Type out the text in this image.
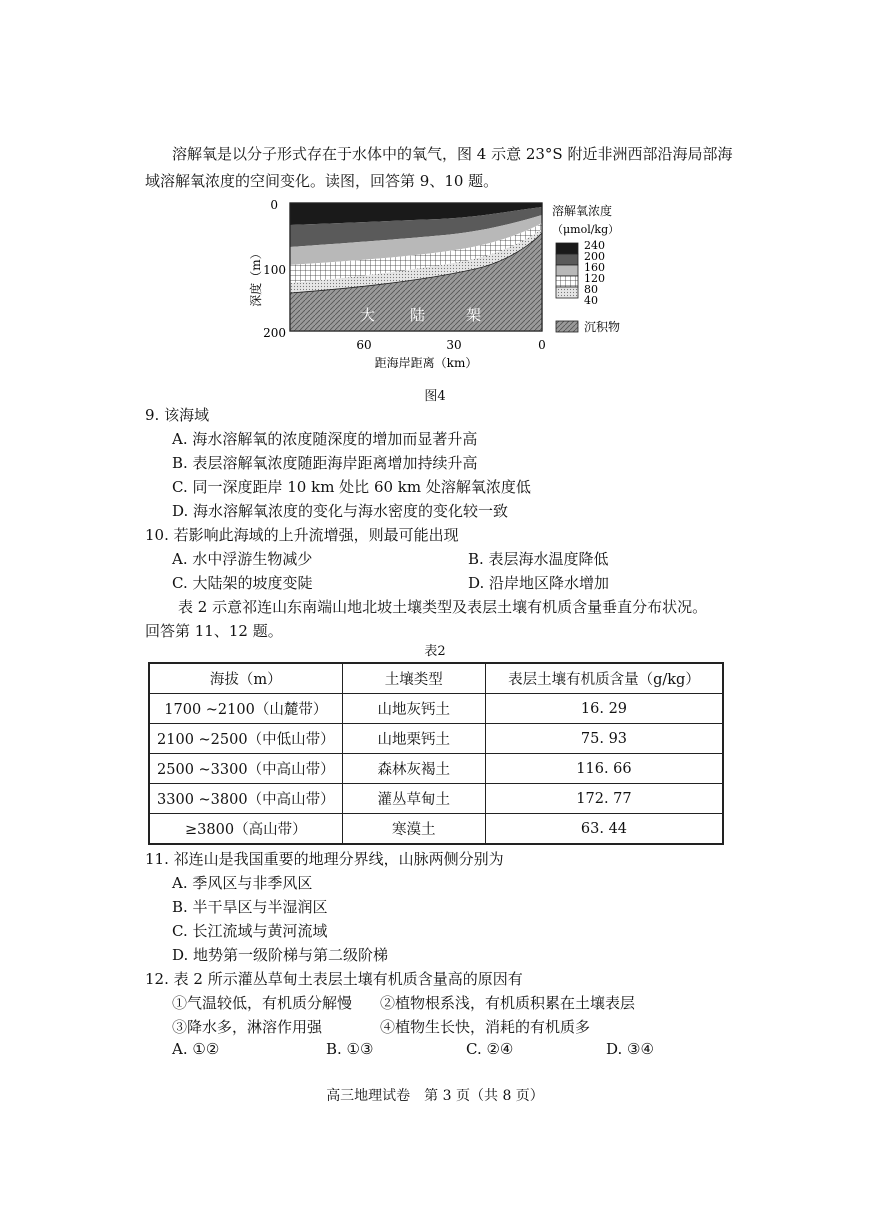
溶解氧是以分子形式存在于水体中的氧气，图 4 示意 23°S 附近非洲西部沿海局部海
域溶解氧浓度的空间变化。读图，回答第 9、10 题。
0
100
200
深度（m）
大 陆	架
60	30	0
距海岸距离（km）
溶解氧浓度
（μmol/kg）
240
200
160
120
80
40
沉积物
图4
9. 该海域
A. 海水溶解氧的浓度随深度的增加而显著升高
B. 表层溶解氧浓度随距海岸距离增加持续升高
C. 同一深度距岸 10 km 处比 60 km 处溶解氧浓度低
D. 海水溶解氧浓度的变化与海水密度的变化较一致
10. 若影响此海域的上升流增强，则最可能出现
A. 水中浮游生物减少	B. 表层海水温度降低
C. 大陆架的坡度变陡	D. 沿岸地区降水增加
表 2 示意祁连山东南端山地北坡土壤类型及表层土壤有机质含量垂直分布状况。
回答第 11、12 题。
表2
海拔（m）	土壤类型	表层土壤有机质含量（g/kg）
1700 ~2100（山麓带）	山地灰钙土	16. 29
2100 ~2500（中低山带）	山地栗钙土	75. 93
2500 ~3300（中高山带）	森林灰褐土	116. 66
3300 ~3800（中高山带）	灌丛草甸土	172. 77
≥3800（高山带）	寒漠土	63. 44
11. 祁连山是我国重要的地理分界线，山脉两侧分别为
A. 季风区与非季风区
B. 半干旱区与半湿润区
C. 长江流域与黄河流域
D. 地势第一级阶梯与第二级阶梯
12. 表 2 所示灌丛草甸土表层土壤有机质含量高的原因有
①气温较低，有机质分解慢 ②植物根系浅，有机质积累在土壤表层
③降水多，淋溶作用强	④植物生长快，消耗的有机质多
A. ①②	B. ①③	C. ②④	D. ③④
高三地理试卷　第 3 页（共 8 页）
